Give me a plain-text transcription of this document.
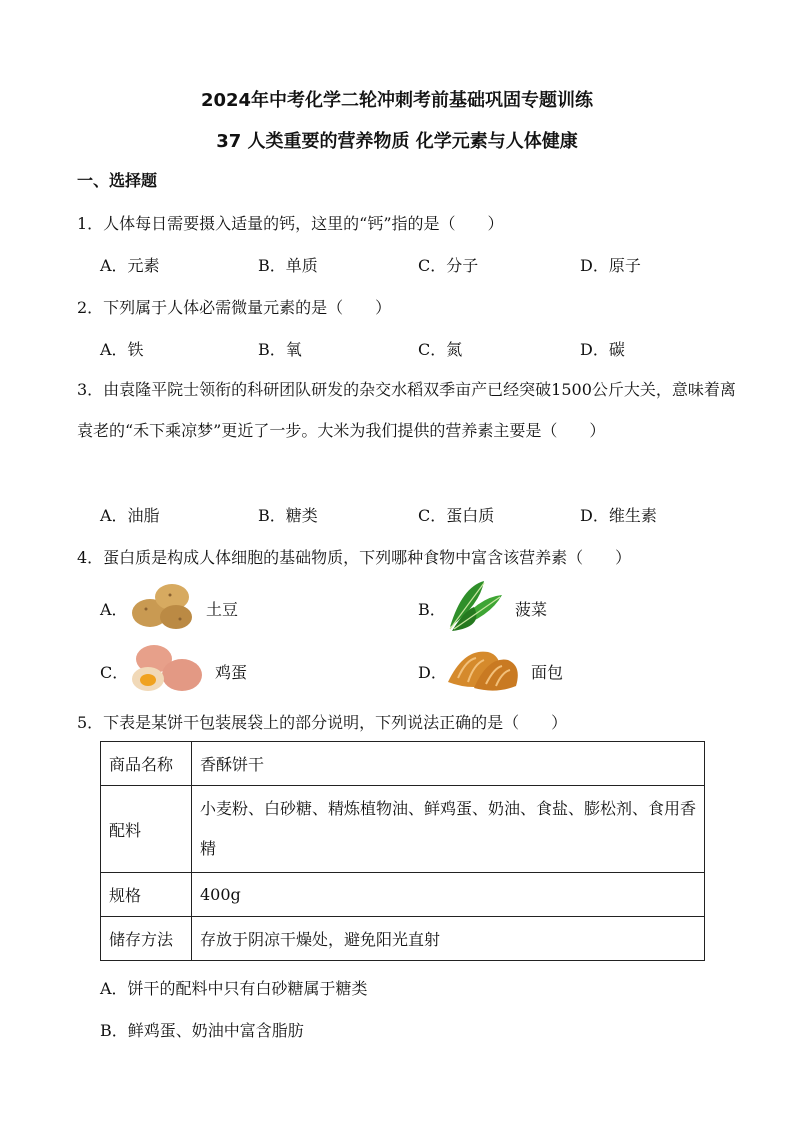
2024年中考化学二轮冲刺考前基础巩固专题训练
37 人类重要的营养物质 化学元素与人体健康
一、选择题
1．人体每日需要摄入适量的钙，这里的“钙”指的是（　　）
A．元素	B．单质	C．分子	D．原子
2．下列属于人体必需微量元素的是（　　）
A．铁	B．氧	C．氮	D．碳
3．由袁隆平院士领衔的科研团队研发的杂交水稻双季亩产已经突破1500公斤大关，意味着离袁老的“禾下乘凉梦”更近了一步。大米为我们提供的营养素主要是（　　）
A．油脂	B．糖类	C．蛋白质	D．维生素
4．蛋白质是构成人体细胞的基础物质，下列哪种食物中富含该营养素（　　）
A．	土豆	B．	菠菜
C．	鸡蛋	D．	面包
5．下表是某饼干包装展袋上的部分说明，下列说法正确的是（　　）
商品名称	香酥饼干
配料	小麦粉、白砂糖、精炼植物油、鲜鸡蛋、奶油、食盐、膨松剂、食用香精
规格	400g
储存方法	存放于阴凉干燥处，避免阳光直射
A．饼干的配料中只有白砂糖属于糖类
B．鲜鸡蛋、奶油中富含脂肪
